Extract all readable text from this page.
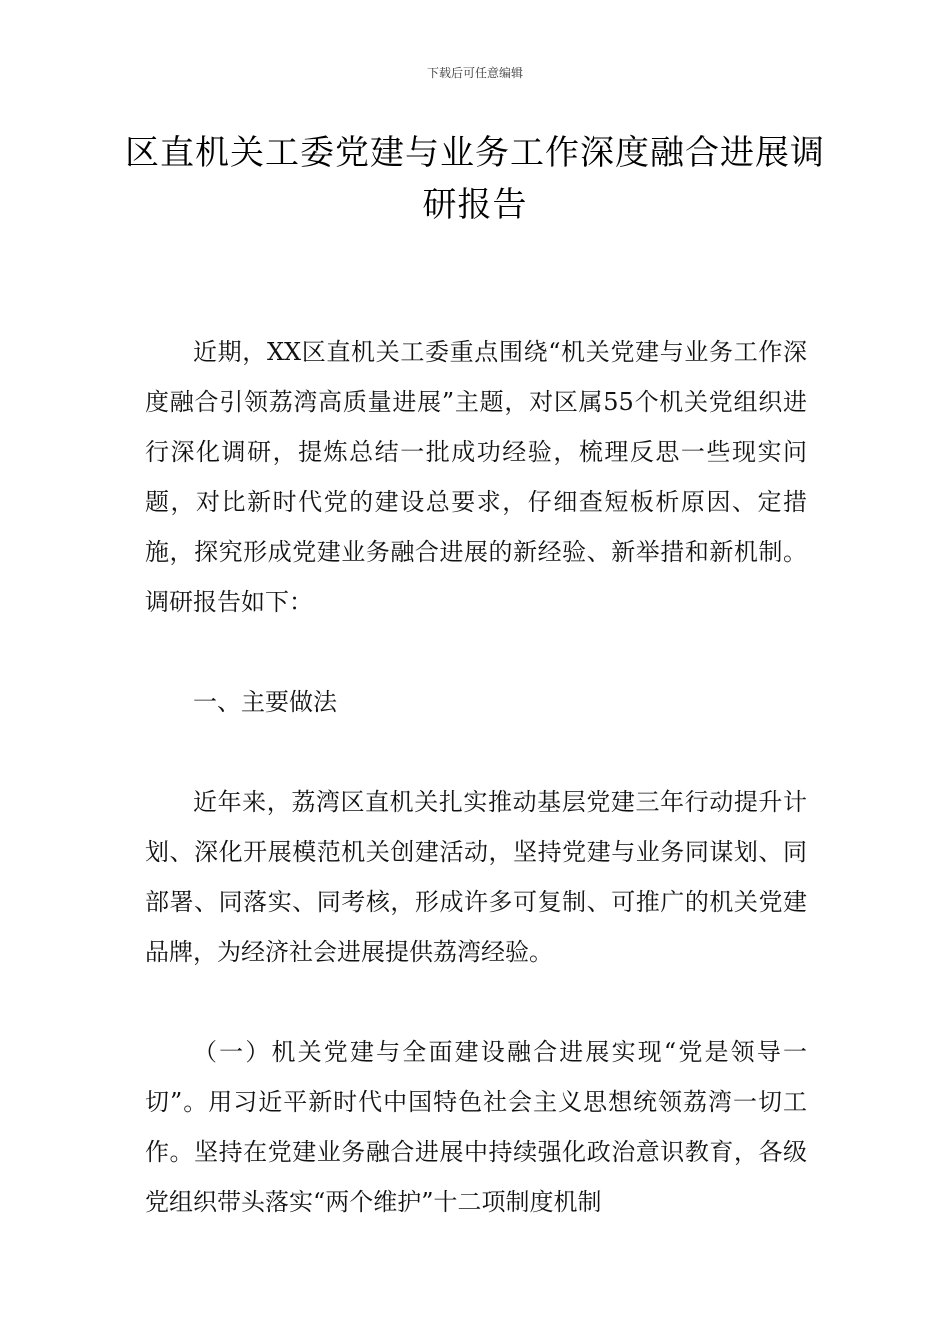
下载后可任意编辑
区直机关工委党建与业务工作深度融合进展调研报告

近期，XX区直机关工委重点围绕“机关党建与业务工作深度融合引领荔湾高质量进展”主题，对区属55个机关党组织进行深化调研，提炼总结一批成功经验，梳理反思一些现实问题，对比新时代党的建设总要求，仔细查短板析原因、定措施，探究形成党建业务融合进展的新经验、新举措和新机制。调研报告如下：

一、主要做法

近年来，荔湾区直机关扎实推动基层党建三年行动提升计划、深化开展模范机关创建活动，坚持党建与业务同谋划、同部署、同落实、同考核，形成许多可复制、可推广的机关党建品牌，为经济社会进展提供荔湾经验。

（一）机关党建与全面建设融合进展实现“党是领导一切”。用习近平新时代中国特色社会主义思想统领荔湾一切工作。坚持在党建业务融合进展中持续强化政治意识教育，各级党组织带头落实“两个维护”十二项制度机制
